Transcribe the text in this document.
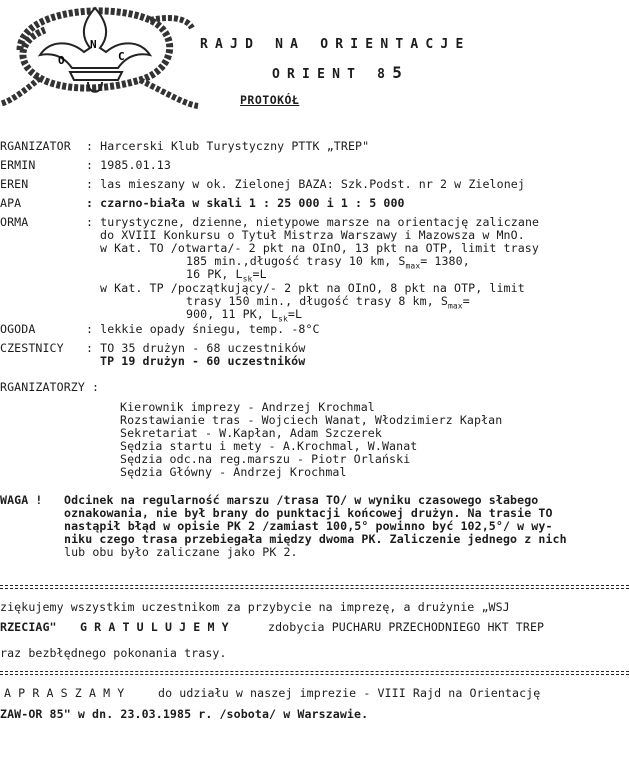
O
N
C
RAJD NA ORIENTACJE
ORIENT 85
PROTOKÓŁ
RGANIZATOR : Harcerski Klub Turystyczny PTTK „TREP"
ERMIN	: 1985.01.13
EREN	: las mieszany w ok. Zielonej BAZA: Szk.Podst. nr 2 w Zielonej
APA	: czarno-biała w skali 1 : 25 000 i 1 : 5 000
ORMA	: turystyczne, dzienne, nietypowe marsze na orientację zaliczane
do XVIII Konkursu o Tytuł Mistrza Warszawy i Mazowsza w MnO.
w Kat. TO /otwarta/- 2 pkt na OInO, 13 pkt na OTP, limit trasy
185 min.,długość trasy 10 km, $S_{max}= 1380$,
16 PK, $L_{sk}=L$
w Kat. TP /początkujący/- 2 pkt na OInO, 8 pkt na OTP, limit
trasy 150 min., długość trasy 8 km, $S_{max}=$
900, 11 PK, $L_{sk}=L$
OGODA	: lekkie opady śniegu, temp. -8°C
CZESTNICY : TO 35 drużyn - 68 uczestników
TP 19 drużyn - 60 uczestników
RGANIZATORZY :
Kierownik imprezy - Andrzej Krochmal
Rozstawianie tras - Wojciech Wanat, Włodzimierz Kapłan
Sekretariat - W.Kapłan, Adam Szczerek
Sędzia startu i mety - A.Krochmal, W.Wanat
Sędzia odc.na reg.marszu - Piotr Orlański
Sędzia Główny - Andrzej Krochmal
WAGA ! Odcinek na regularność marszu /trasa TO/ w wyniku czasowego słabego
oznakowania, nie był brany do punktacji końcowej drużyn. Na trasie TO
nastąpił błąd w opisie PK 2 /zamiast 100,5° powinno być 102,5°/ w wy-
niku czego trasa przebiegała między dwoma PK. Zaliczenie jednego z nich
lub obu było zaliczane jako PK 2.
ziękujemy wszystkim uczestnikom za przybycie na imprezę, a drużynie „WSJ
RZECIAG" G R A T U L U J E M Y	zdobycia PUCHARU PRZECHODNIEGO HKT TREP
raz bezbłędnego pokonania trasy.
A P R A S Z A M Y	do udziału w naszej imprezie - VIII Rajd na Orientację
ZAW-OR 85" w dn. 23.03.1985 r. /sobota/ w Warszawie.
